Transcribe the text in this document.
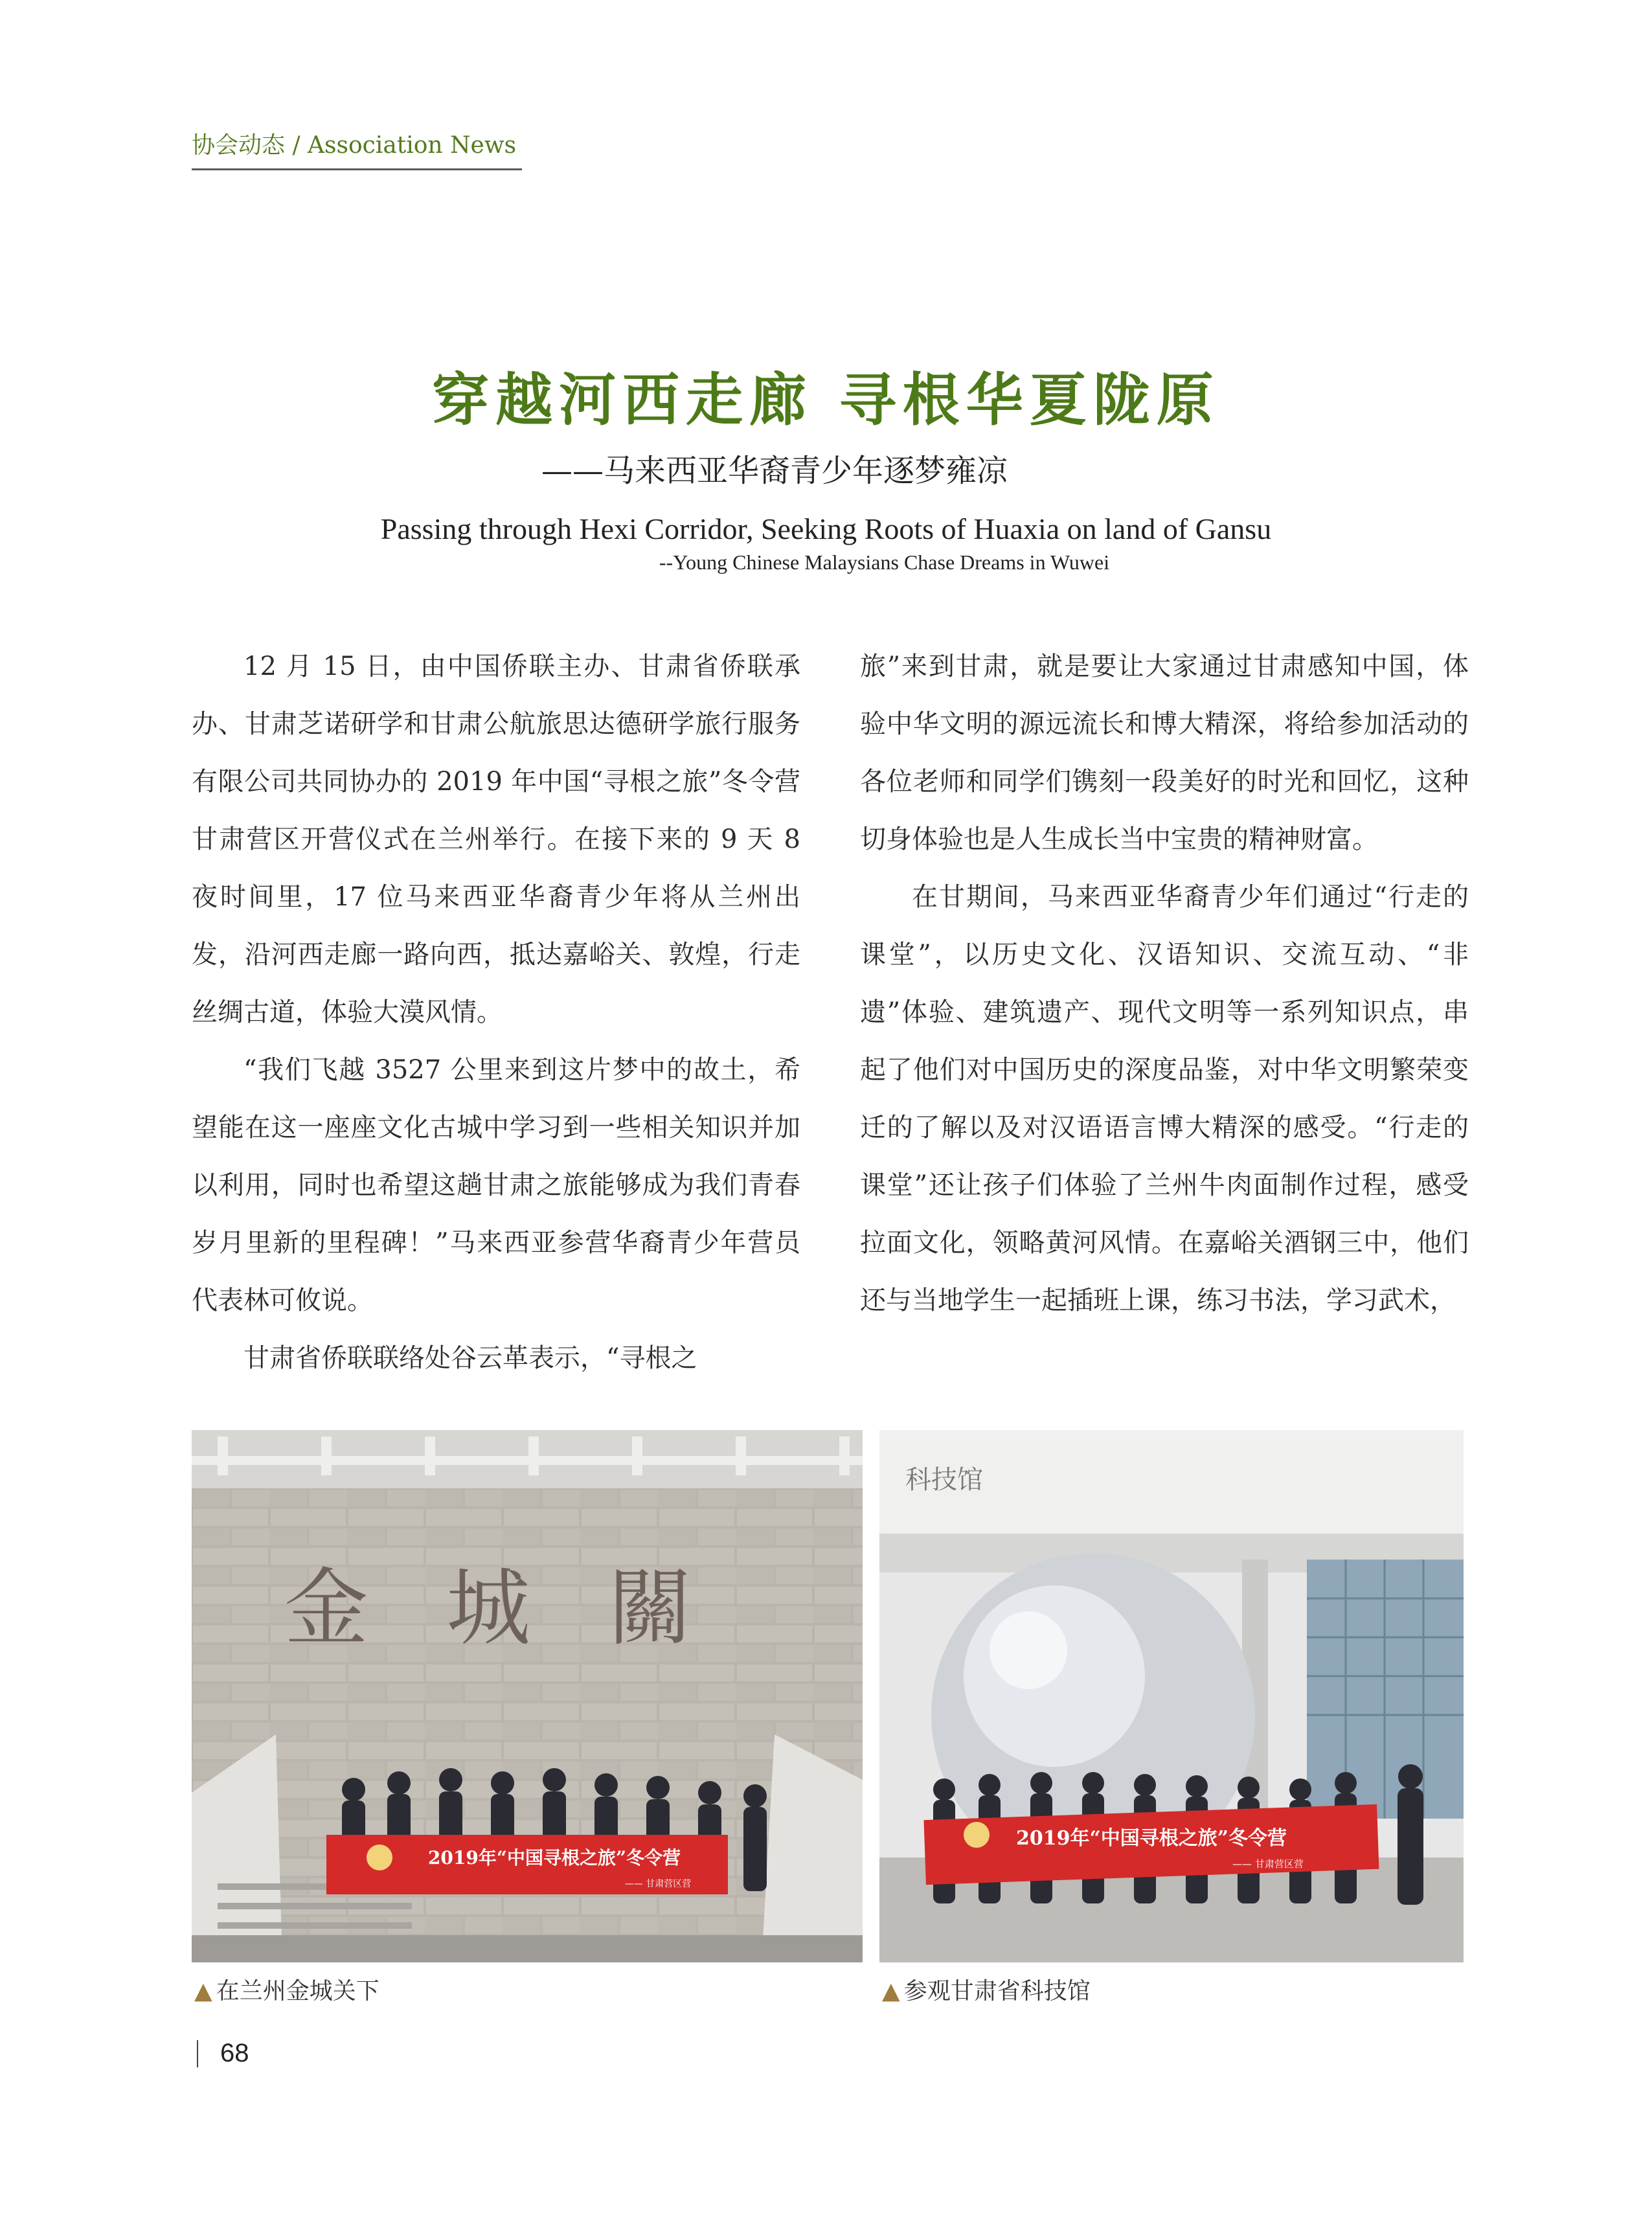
协会动态 / Association News
穿越河西走廊 寻根华夏陇原
——马来西亚华裔青少年逐梦雍凉
Passing through Hexi Corridor, Seeking Roots of Huaxia on land of Gansu
--Young Chinese Malaysians Chase Dreams in Wuwei

12 月 15 日，由中国侨联主办、甘肃省侨联承办、甘肃芝诺研学和甘肃公航旅思达德研学旅行服务有限公司共同协办的 2019 年中国“寻根之旅”冬令营甘肃营区开营仪式在兰州举行。在接下来的 9 天 8 夜时间里，17 位马来西亚华裔青少年将从兰州出发，沿河西走廊一路向西，抵达嘉峪关、敦煌，行走丝绸古道，体验大漠风情。

“我们飞越 3527 公里来到这片梦中的故土，希望能在这一座座文化古城中学习到一些相关知识并加以利用，同时也希望这趟甘肃之旅能够成为我们青春岁月里新的里程碑！”马来西亚参营华裔青少年营员代表林可攸说。

甘肃省侨联联络处谷云革表示，“寻根之

旅”来到甘肃，就是要让大家通过甘肃感知中国，体验中华文明的源远流长和博大精深，将给参加活动的各位老师和同学们镌刻一段美好的时光和回忆，这种切身体验也是人生成长当中宝贵的精神财富。

在甘期间，马来西亚华裔青少年们通过“行走的课堂”，以历史文化、汉语知识、交流互动、“非遗”体验、建筑遗产、现代文明等一系列知识点，串起了他们对中国历史的深度品鉴，对中华文明繁荣变迁的了解以及对汉语语言博大精深的感受。“行走的课堂”还让孩子们体验了兰州牛肉面制作过程，感受拉面文化，领略黄河风情。在嘉峪关酒钢三中，他们还与当地学生一起插班上课，练习书法，学习武术，

金城關
2019年“中国寻根之旅”冬令营
—— 甘肃营区营
科技馆
2019年“中国寻根之旅”冬令营
—— 甘肃营区营
▲ 在兰州金城关下	▲ 参观甘肃省科技馆
68
